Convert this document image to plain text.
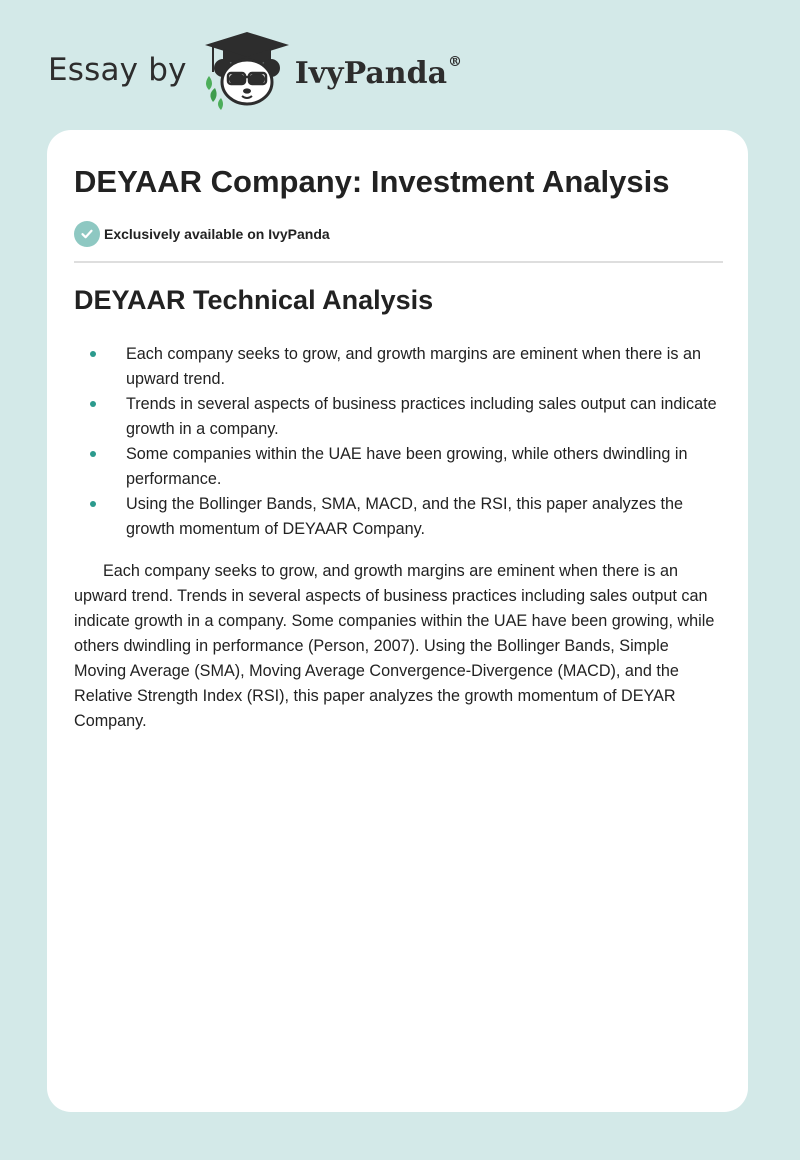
Essay by	IvyPanda®
DEYAAR Company: Investment Analysis
Exclusively available on IvyPanda
DEYAAR Technical Analysis
Each company seeks to grow, and growth margins are eminent when there is an upward trend.
Trends in several aspects of business practices including sales output can indicate growth in a company.
Some companies within the UAE have been growing, while others dwindling in performance.
Using the Bollinger Bands, SMA, MACD, and the RSI, this paper analyzes the growth momentum of DEYAAR Company.

Each company seeks to grow, and growth margins are eminent when there is an upward trend. Trends in several aspects of business practices including sales output can indicate growth in a company. Some companies within the UAE have been growing, while others dwindling in performance (Person, 2007). Using the Bollinger Bands, Simple Moving Average (SMA), Moving Average Convergence-Divergence (MACD), and the Relative Strength Index (RSI), this paper analyzes the growth momentum of DEYAR Company.
